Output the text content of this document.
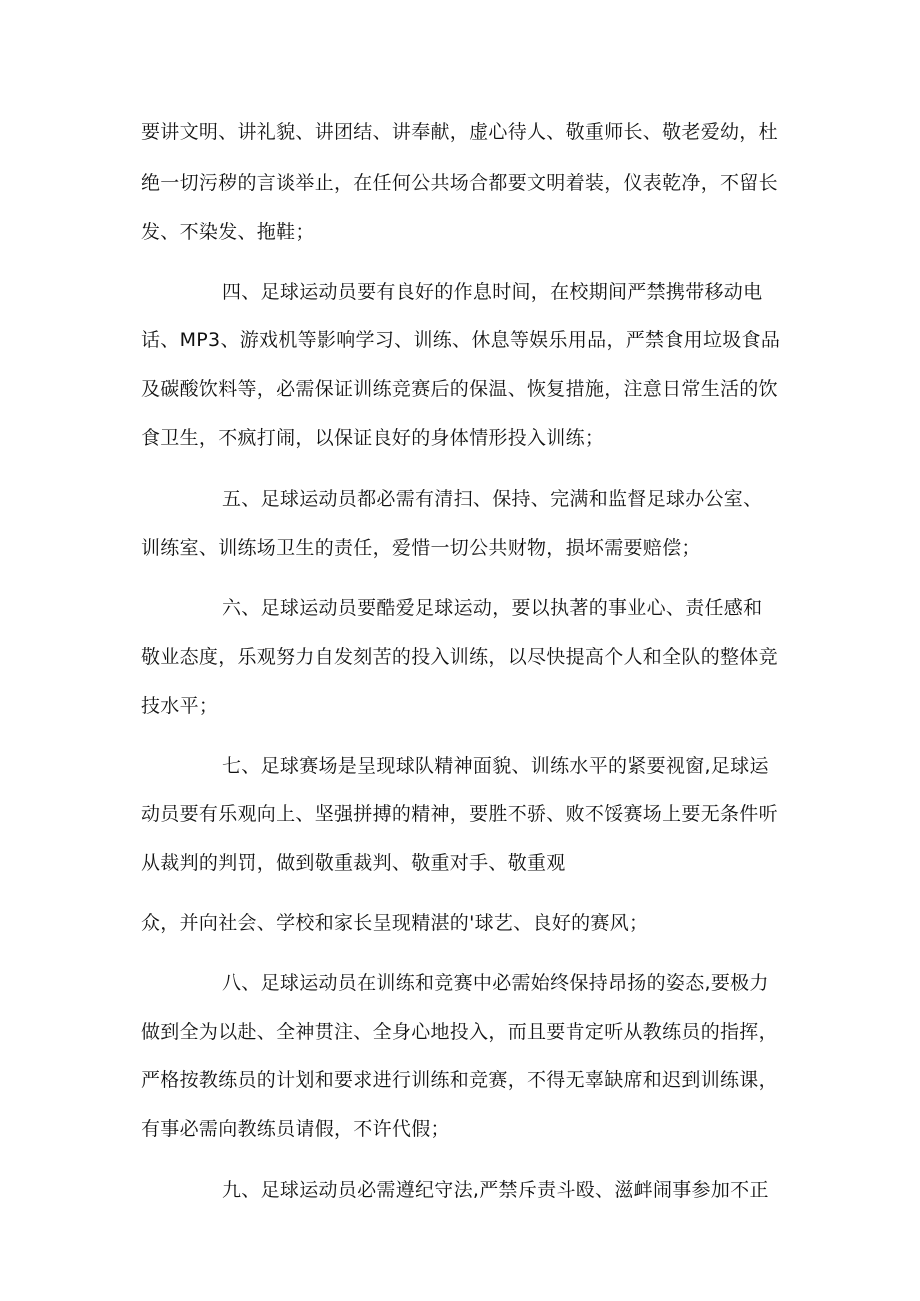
要讲文明、讲礼貌、讲团结、讲奉献，虚心待人、敬重师长、敬老爱幼，杜
绝一切污秽的言谈举止，在任何公共场合都要文明着装，仪表乾净，不留长
发、不染发、拖鞋；
四、足球运动员要有良好的作息时间，在校期间严禁携带移动电
话、MP3、游戏机等影响学习、训练、休息等娱乐用品，严禁食用垃圾食品
及碳酸饮料等，必需保证训练竞赛后的保温、恢复措施，注意日常生活的饮
食卫生，不疯打闹，以保证良好的身体情形投入训练；
五、足球运动员都必需有清扫、保持、完满和监督足球办公室、
训练室、训练场卫生的责任，爱惜一切公共财物，损坏需要赔偿；
六、足球运动员要酷爱足球运动，要以执著的事业心、责任感和
敬业态度，乐观努力自发刻苦的投入训练，以尽快提高个人和全队的整体竞
技水平；
七、足球赛场是呈现球队精神面貌、训练水平的紧要视窗,足球运
动员要有乐观向上、坚强拼搏的精神，要胜不骄、败不馁赛场上要无条件听
从裁判的判罚，做到敬重裁判、敬重对手、敬重观
众，并向社会、学校和家长呈现精湛的'球艺、良好的赛风；
八、足球运动员在训练和竞赛中必需始终保持昂扬的姿态,要极力
做到全为以赴、全神贯注、全身心地投入，而且要肯定听从教练员的指挥，
严格按教练员的计划和要求进行训练和竞赛，不得无辜缺席和迟到训练课，
有事必需向教练员请假，不许代假；
九、足球运动员必需遵纪守法,严禁斥责斗殴、滋衅闹事参加不正
